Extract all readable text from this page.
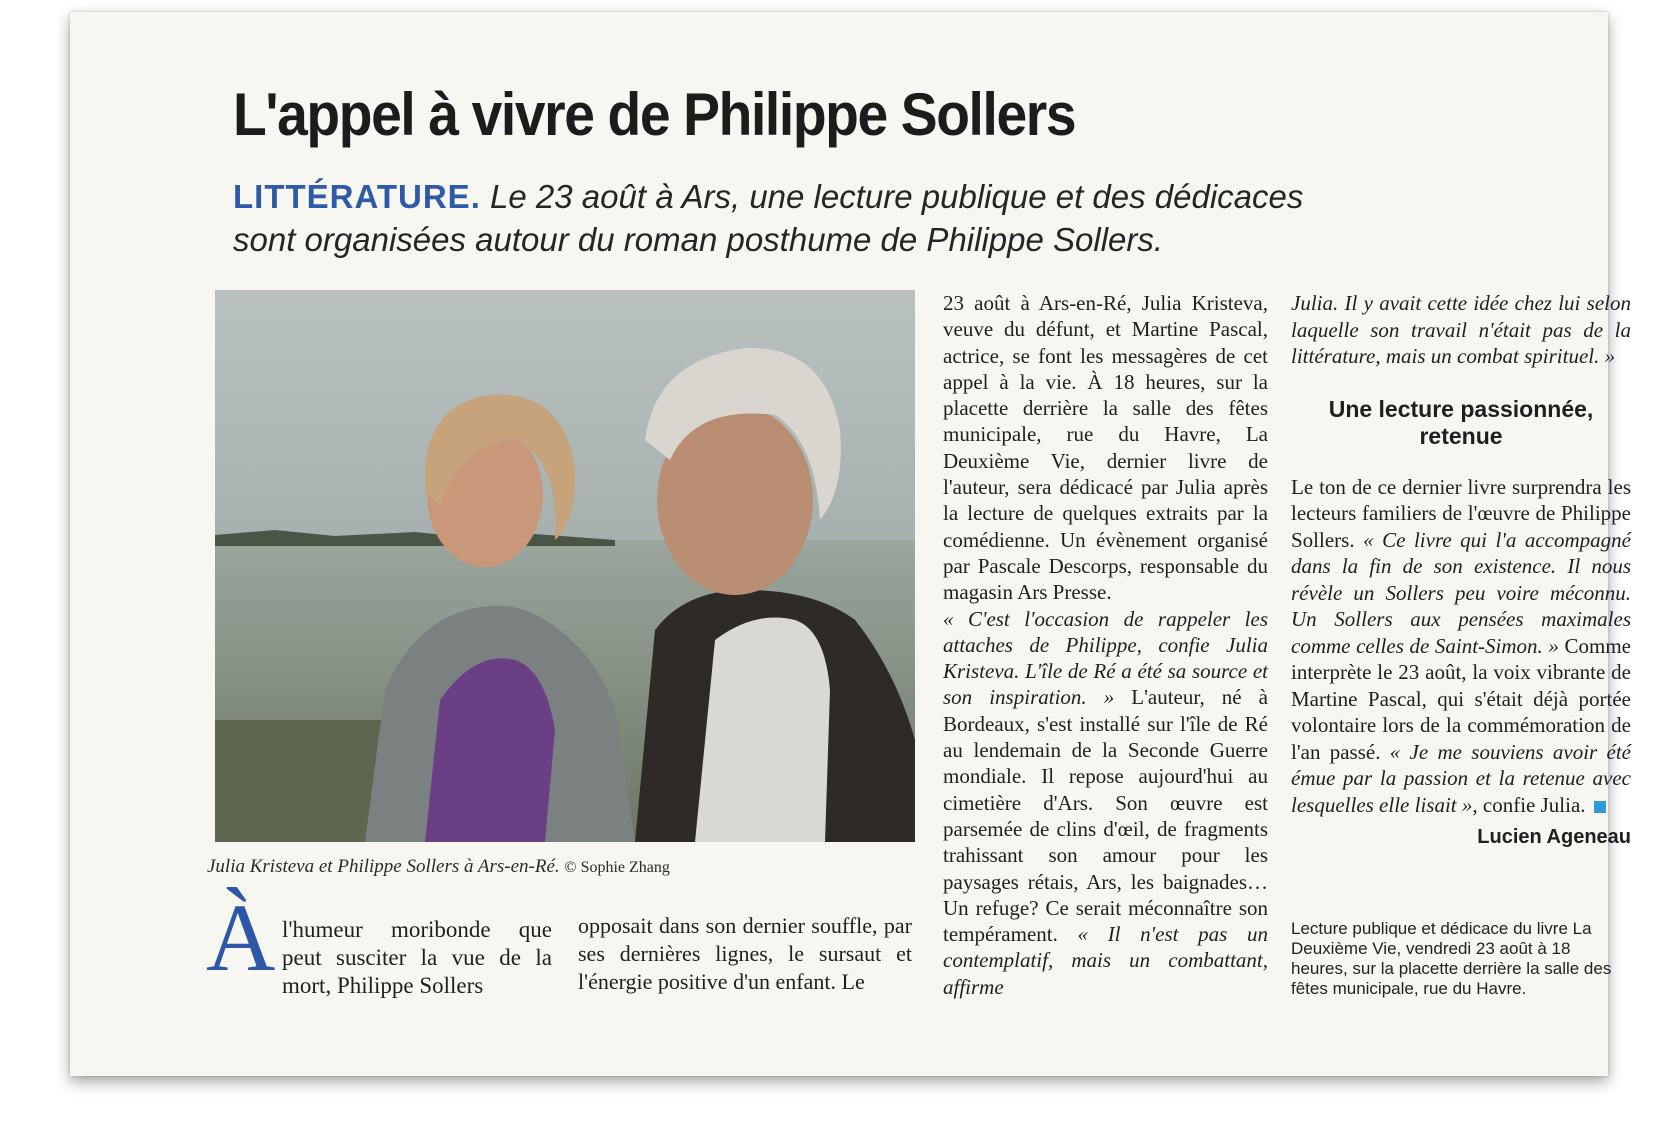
L'appel à vivre de Philippe Sollers
LITTÉRATURE. Le 23 août à Ars, une lecture publique et des dédicaces sont organisées autour du roman posthume de Philippe Sollers.
Julia Kristeva et Philippe Sollers à Ars-en-Ré. © Sophie Zhang
À l'humeur moribonde que peut susciter la vue de la mort, Philippe Sollers

opposait dans son dernier souffle, par ses dernières lignes, le sursaut et l'énergie positive d'un enfant. Le

23 août à Ars-en-Ré, Julia Kristeva, veuve du défunt, et Martine Pascal, actrice, se font les messagères de cet appel à la vie. À 18 heures, sur la placette derrière la salle des fêtes municipale, rue du Havre, La Deuxième Vie, dernier livre de l'auteur, sera dédicacé par Julia après la lecture de quelques extraits par la comédienne. Un évènement organisé par Pascale Descorps, responsable du magasin Ars Presse.

« C'est l'occasion de rappeler les attaches de Philippe, confie Julia Kristeva. L'île de Ré a été sa source et son inspiration. » L'auteur, né à Bordeaux, s'est installé sur l'île de Ré au lendemain de la Seconde Guerre mondiale. Il repose aujourd'hui au cimetière d'Ars. Son œuvre est parsemée de clins d'œil, de fragments trahissant son amour pour les paysages rétais, Ars, les baignades… Un refuge? Ce serait méconnaître son tempérament. « Il n'est pas un contemplatif, mais un combattant, affirme

Julia. Il y avait cette idée chez lui selon laquelle son travail n'était pas de la littérature, mais un combat spirituel. »

Une lecture passionnée, retenue

Le ton de ce dernier livre surprendra les lecteurs familiers de l'œuvre de Philippe Sollers. « Ce livre qui l'a accompagné dans la fin de son existence. Il nous révèle un Sollers peu voire méconnu. Un Sollers aux pensées maximales comme celles de Saint-Simon. » Comme interprète le 23 août, la voix vibrante de Martine Pascal, qui s'était déjà portée volontaire lors de la commémoration de l'an passé. « Je me souviens avoir été émue par la passion et la retenue avec lesquelles elle lisait », confie Julia.

Lucien Ageneau
Lecture publique et dédicace du livre La Deuxième Vie, vendredi 23 août à 18 heures, sur la placette derrière la salle des fêtes municipale, rue du Havre.
